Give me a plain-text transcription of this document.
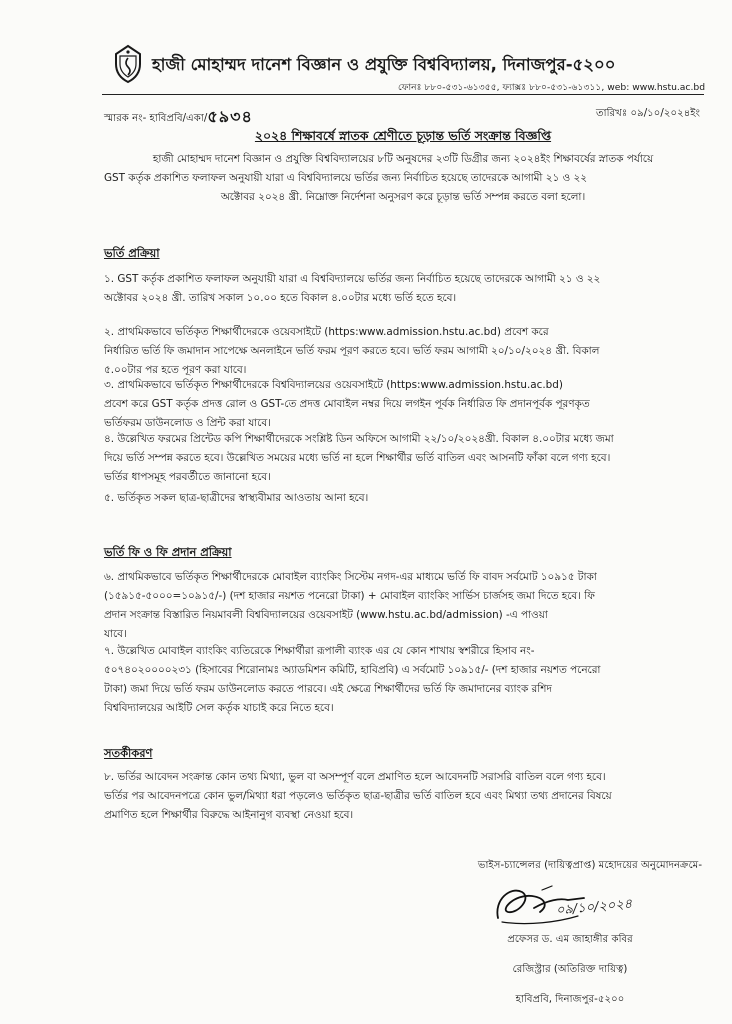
হাজী মোহাম্মদ দানেশ বিজ্ঞান ও প্রযুক্তি বিশ্ববিদ্যালয়, দিনাজপুর-৫২০০
ফোনঃ ৮৮০-৫৩১-৬১৩৫৫, ফ্যাক্সঃ ৮৮০-৫৩১-৬১৩১১, web: www.hstu.ac.bd
স্মারক নং- হাবিপ্রবি/একা/৫৯৩৪	তারিখঃ ০৯/১০/২০২৪ইং
২০২৪ শিক্ষাবর্ষে স্নাতক শ্রেণীতে চূড়ান্ত ভর্তি সংক্রান্ত বিজ্ঞপ্তি
হাজী মোহাম্মদ দানেশ বিজ্ঞান ও প্রযুক্তি বিশ্ববিদ্যালয়ের ৮টি অনুষদের ২৩টি ডিগ্রীর জন্য ২০২৪ইং শিক্ষাবর্ষের স্নাতক পর্যায়ে
GST কর্তৃক প্রকাশিত ফলাফল অনুযায়ী যারা এ বিশ্ববিদ্যালয়ে ভর্তির জন্য নির্বাচিত হয়েছে তাদেরকে আগামী ২১ ও ২২
অক্টোবর ২০২৪ খ্রী. নিম্নোক্ত নির্দেশনা অনুসরণ করে চূড়ান্ত ভর্তি সম্পন্ন করতে বলা হলো।
ভর্তি প্রক্রিয়া
১. GST কর্তৃক প্রকাশিত ফলাফল অনুযায়ী যারা এ বিশ্ববিদ্যালয়ে ভর্তির জন্য নির্বাচিত হয়েছে তাদেরকে আগামী ২১ ও ২২
অক্টোবর ২০২৪ খ্রী. তারিখ সকাল ১০.০০ হতে বিকাল ৪.০০টার মধ্যে ভর্তি হতে হবে।
২. প্রাথমিকভাবে ভর্তিকৃত শিক্ষার্থীদেরকে ওয়েবসাইটে (https:www.admission.hstu.ac.bd) প্রবেশ করে
নির্ধারিত ভর্তি ফি জমাদান সাপেক্ষে অনলাইনে ভর্তি ফরম পূরণ করতে হবে। ভর্তি ফরম আগামী ২০/১০/২০২৪ খ্রী. বিকাল
৫.০০টার পর হতে পূরণ করা যাবে।
৩. প্রাথমিকভাবে ভর্তিকৃত শিক্ষার্থীদেরকে বিশ্ববিদ্যালয়ের ওয়েবসাইটে (https:www.admission.hstu.ac.bd)
প্রবেশ করে GST কর্তৃক প্রদত্ত রোল ও GST-তে প্রদত্ত মোবাইল নম্বর দিয়ে লগইন পূর্বক নির্ধারিত ফি প্রদানপূর্বক পূরণকৃত
ভর্তিফরম ডাউনলোড ও প্রিন্ট করা যাবে।
৪. উল্লেখিত ফরমের প্রিন্টেড কপি শিক্ষার্থীদেরকে সংশ্লিষ্ট ডিন অফিসে আগামী ২২/১০/২০২৪খ্রী. বিকাল ৪.০০টার মধ্যে জমা
দিয়ে ভর্তি সম্পন্ন করতে হবে। উল্লেখিত সময়ের মধ্যে ভর্তি না হলে শিক্ষার্থীর ভর্তি বাতিল এবং আসনটি ফাঁকা বলে গণ্য হবে।
ভর্তির ধাপসমূহ পরবর্তীতে জানানো হবে।
৫. ভর্তিকৃত সকল ছাত্র-ছাত্রীদের স্বাস্থ্যবীমার আওতায় আনা হবে।
ভর্তি ফি ও ফি প্রদান প্রক্রিয়া
৬. প্রাথমিকভাবে ভর্তিকৃত শিক্ষার্থীদেরকে মোবাইল ব্যাংকিং সিস্টেম নগদ-এর মাধ্যমে ভর্তি ফি বাবদ সর্বমোট ১০৯১৫ টাকা
(১৫৯১৫-৫০০০=১০৯১৫/-) (দশ হাজার নয়শত পনেরো টাকা) + মোবাইল ব্যাংকিং সার্ভিস চার্জসহ জমা দিতে হবে। ফি
প্রদান সংক্রান্ত বিস্তারিত নিয়মাবলী বিশ্ববিদ্যালয়ের ওয়েবসাইট (www.hstu.ac.bd/admission) -এ পাওয়া
যাবে।
৭. উল্লেখিত মোবাইল ব্যাংকিং ব্যতিরেকে শিক্ষার্থীরা রূপালী ব্যাংক এর যে কোন শাখায় স্বশরীরে হিসাব নং-
৫০৭৪০২০০০০২৩১ (হিসাবের শিরোনামঃ অ্যাডমিশন কমিটি, হাবিপ্রবি) এ সর্বমোট ১০৯১৫/- (দশ হাজার নয়শত পনেরো
টাকা) জমা দিয়ে ভর্তি ফরম ডাউনলোড করতে পারবে। এই ক্ষেত্রে শিক্ষার্থীদের ভর্তি ফি জমাদানের ব্যাংক রশিদ
বিশ্ববিদ্যালয়ের আইটি সেল কর্তৃক যাচাই করে নিতে হবে।
সতর্কীকরণ
৮. ভর্তির আবেদন সংক্রান্ত কোন তথ্য মিথ্যা, ভুল বা অসম্পূর্ণ বলে প্রমাণিত হলে আবেদনটি সরাসরি বাতিল বলে গণ্য হবে।
ভর্তির পর আবেদনপত্রে কোন ভুল/মিথ্যা ধরা পড়লেও ভর্তিকৃত ছাত্র-ছাত্রীর ভর্তি বাতিল হবে এবং মিথ্যা তথ্য প্রদানের বিষয়ে
প্রমাণিত হলে শিক্ষার্থীর বিরুদ্ধে আইনানুগ ব্যবস্থা নেওয়া হবে।
ভাইস-চ্যান্সেলর (দায়িত্বপ্রাপ্ত) মহোদয়ের অনুমোদনক্রমে-
০৯/১০/২০২৪
প্রফেসর ড. এম জাহাঙ্গীর কবির
রেজিস্ট্রার (অতিরিক্ত দায়িত্ব)
হাবিপ্রবি, দিনাজপুর-৫২০০
